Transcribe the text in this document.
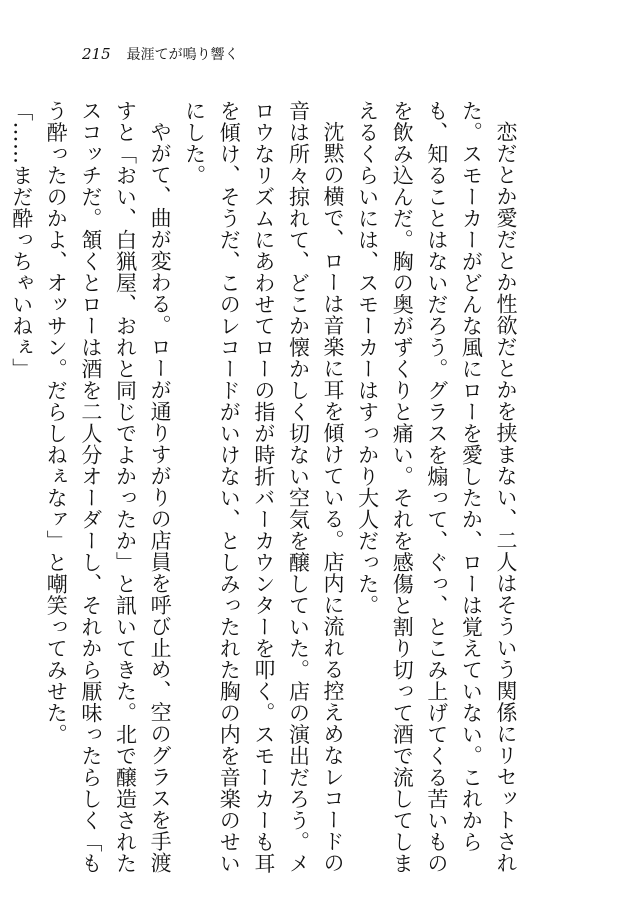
215 最涯てが鳴り響く

恋だとか愛だとか性欲だとかを挟まない、二人はそういう関係にリセットされた。スモーカーがどんな風にローを愛したか、ローは覚えていない。これからも、知ることはないだろう。グラスを煽って、ぐっ、とこみ上げてくる苦いものを飲み込んだ。胸の奥がずくりと痛い。それを感傷と割り切って酒で流してしまえるくらいには、スモーカーはすっかり大人だった。

沈黙の横で、ローは音楽に耳を傾けている。店内に流れる控えめなレコードの音は所々掠れて、どこか懐かしく切ない空気を醸していた。店の演出だろう。メロウなリズムにあわせてローの指が時折バーカウンターを叩く。スモーカーも耳を傾け、そうだ、このレコードがいけない、としみったれた胸の内を音楽のせいにした。

やがて、曲が変わる。ローが通りすがりの店員を呼び止め、空のグラスを手渡すと「おい、白猟屋、おれと同じでよかったか」と訊いてきた。北で醸造されたスコッチだ。頷くとローは酒を二人分オーダーし、それから厭味ったらしく「もう酔ったのかよ、オッサン。だらしねぇなァ」と嘲笑ってみせた。

「……まだ酔っちゃいねぇ」
